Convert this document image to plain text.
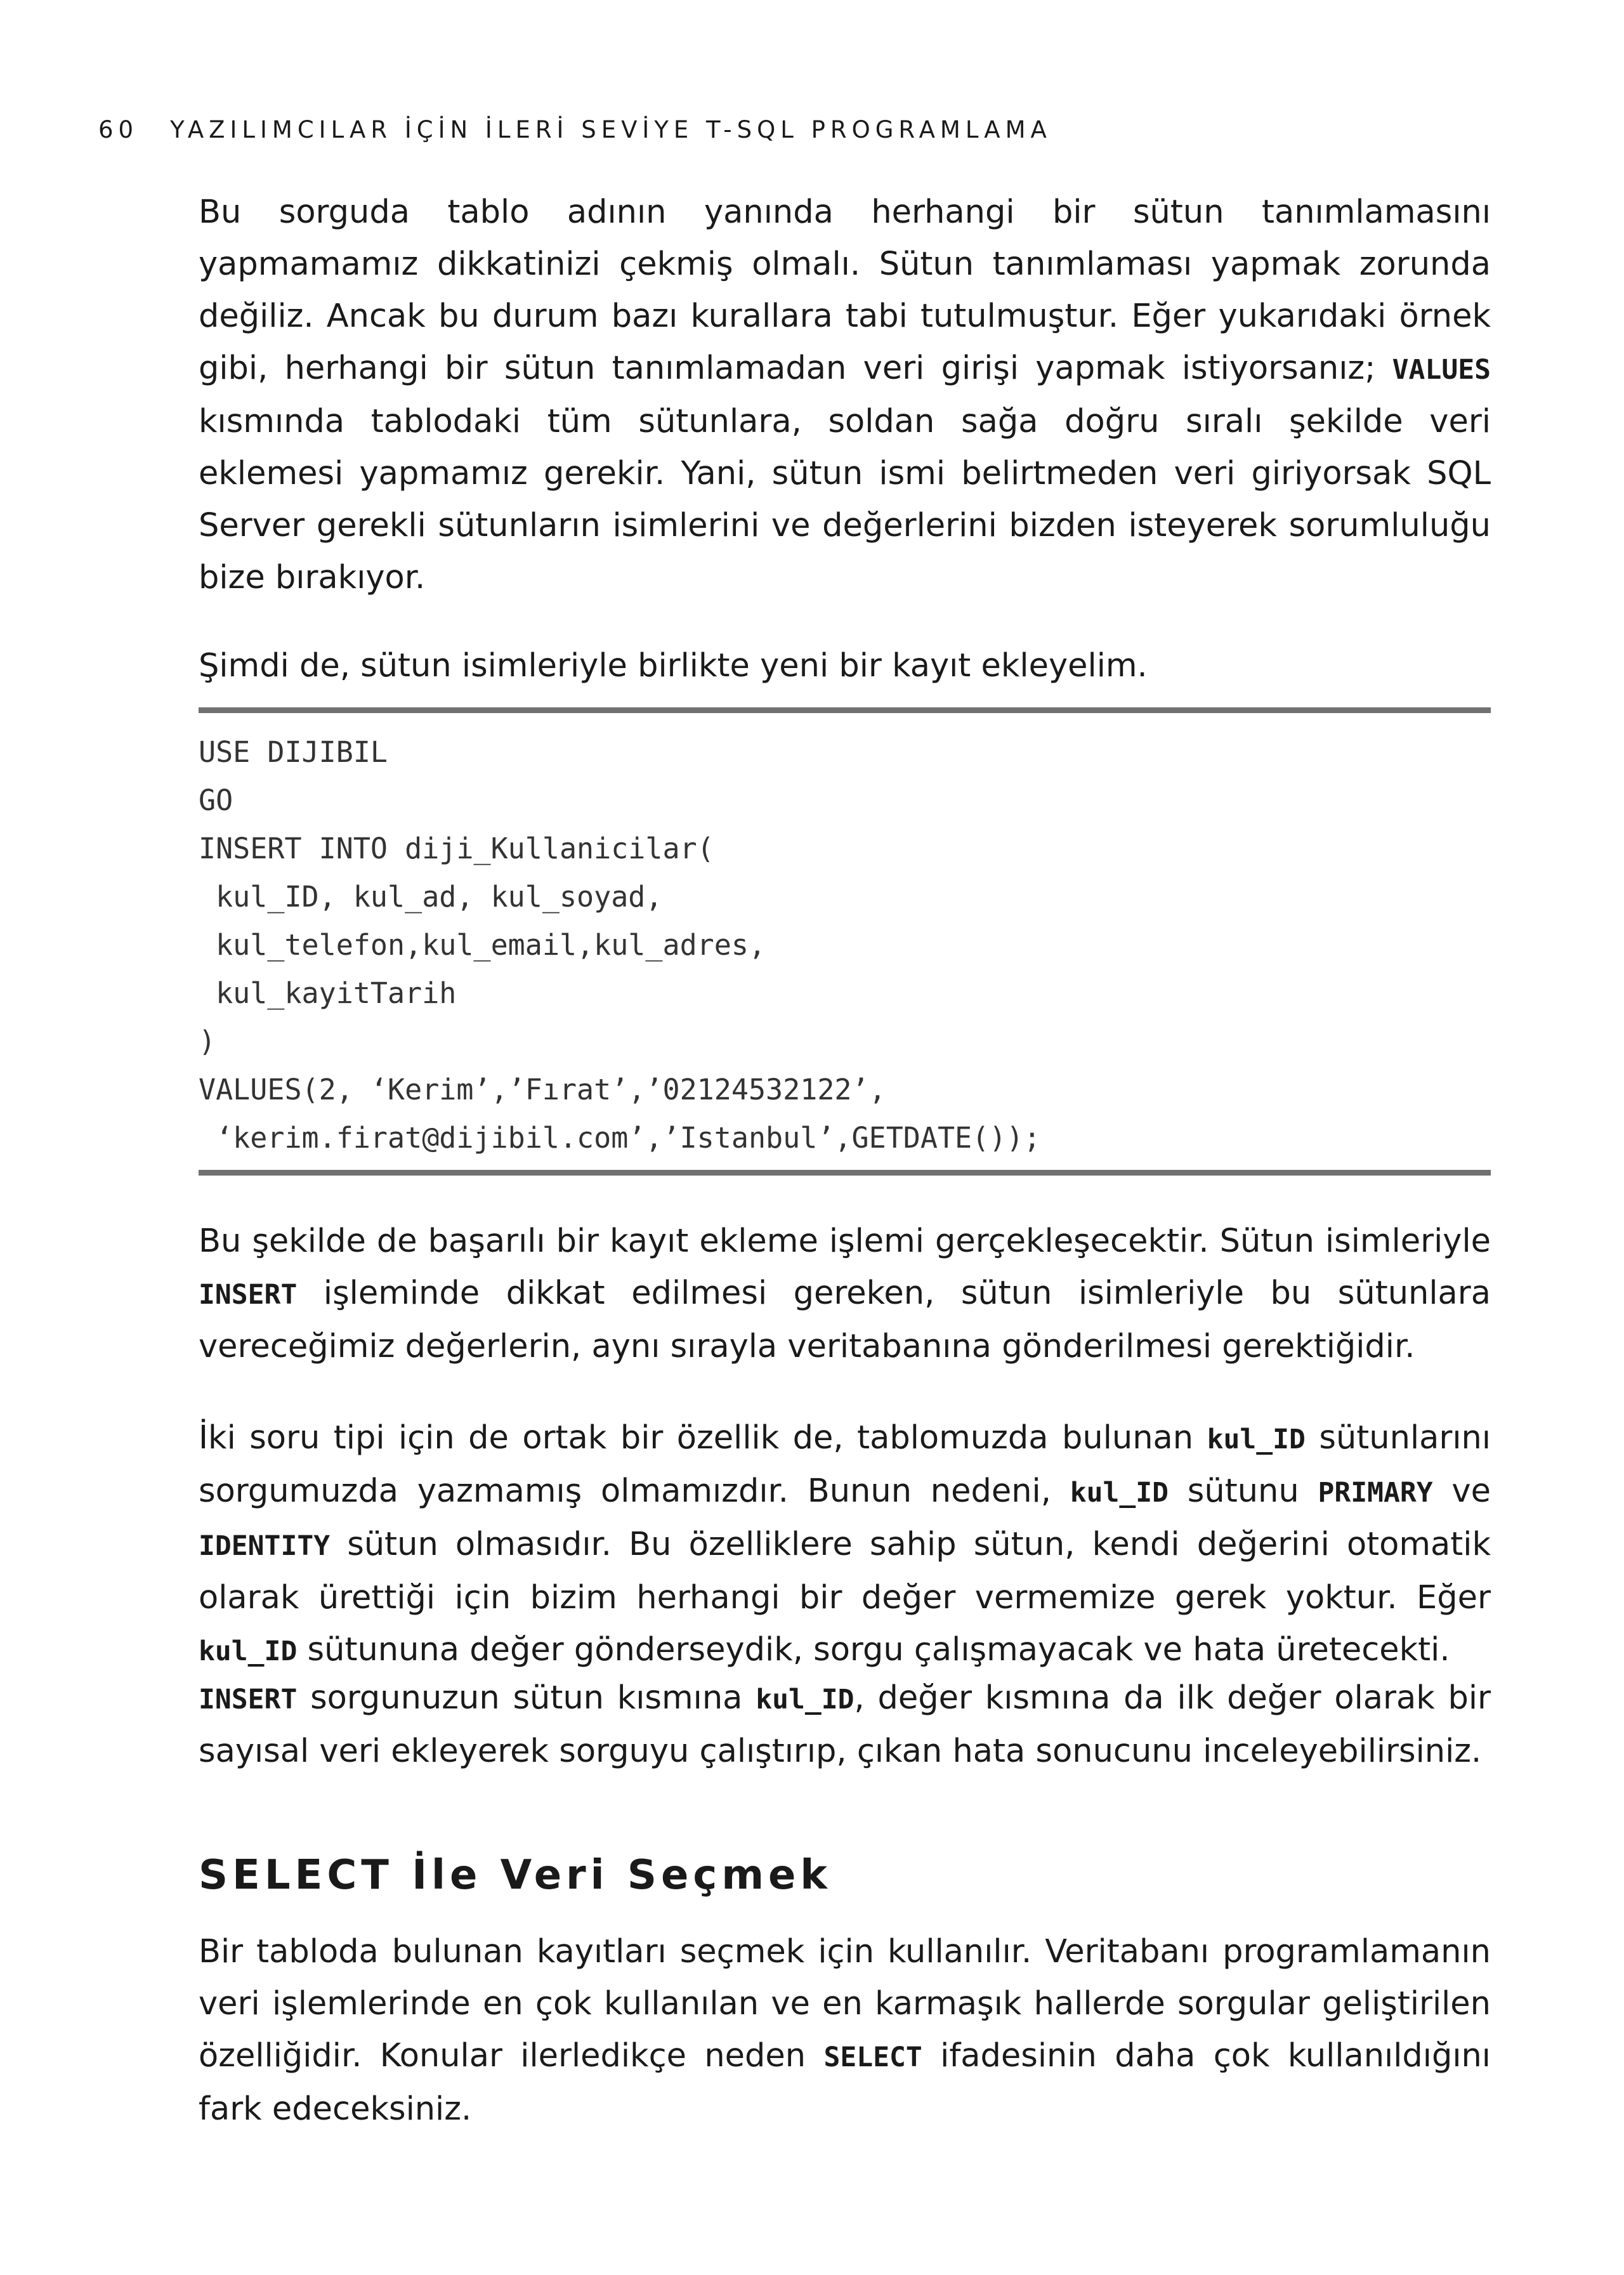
60 YAZILIMCILAR İÇİN İLERİ SEVİYE T-SQL PROGRAMLAMA

Bu sorguda tablo adının yanında herhangi bir sütun tanımlamasını yapmamamız dikkatinizi çekmiş olmalı. Sütun tanımlaması yapmak zorunda değiliz. Ancak bu durum bazı kurallara tabi tutulmuştur. Eğer yukarıdaki örnek gibi, herhangi bir sütun tanımlamadan veri girişi yapmak istiyorsanız; VALUES kısmında tablodaki tüm sütunlara, soldan sağa doğru sıralı şekilde veri eklemesi yapmamız gerekir. Yani, sütun ismi belirtmeden veri giriyorsak SQL Server gerekli sütunların isimlerini ve değerlerini bizden isteyerek sorumluluğu bize bırakıyor.

Şimdi de, sütun isimleriyle birlikte yeni bir kayıt ekleyelim.

USE DIJIBIL
GO
INSERT INTO diji_Kullanicilar(
kul_ID, kul_ad, kul_soyad,
kul_telefon,kul_email,kul_adres,
kul_kayitTarih
)
VALUES(2, ‘Kerim’,’Fırat’,’02124532122’,
‘kerim.firat@dijibil.com’,’Istanbul’,GETDATE());

Bu şekilde de başarılı bir kayıt ekleme işlemi gerçekleşecektir. Sütun isimleriyle INSERT işleminde dikkat edilmesi gereken, sütun isimleriyle bu sütunlara vereceğimiz değerlerin, aynı sırayla veritabanına gönderilmesi gerektiğidir.

İki soru tipi için de ortak bir özellik de, tablomuzda bulunan kul_ID sütunlarını sorgumuzda yazmamış olmamızdır. Bunun nedeni, kul_ID sütunu PRIMARY ve IDENTITY sütun olmasıdır. Bu özelliklere sahip sütun, kendi değerini otomatik olarak ürettiği için bizim herhangi bir değer vermemize gerek yoktur. Eğer kul_ID sütununa değer gönderseydik, sorgu çalışmayacak ve hata üretecekti.

INSERT sorgunuzun sütun kısmına kul_ID, değer kısmına da ilk değer olarak bir sayısal veri ekleyerek sorguyu çalıştırıp, çıkan hata sonucunu inceleyebilirsiniz.

SELECT İle Veri Seçmek

Bir tabloda bulunan kayıtları seçmek için kullanılır. Veritabanı programlamanın veri işlemlerinde en çok kullanılan ve en karmaşık hallerde sorgular geliştirilen özelliğidir. Konular ilerledikçe neden SELECT ifadesinin daha çok kullanıldığını fark edeceksiniz.
